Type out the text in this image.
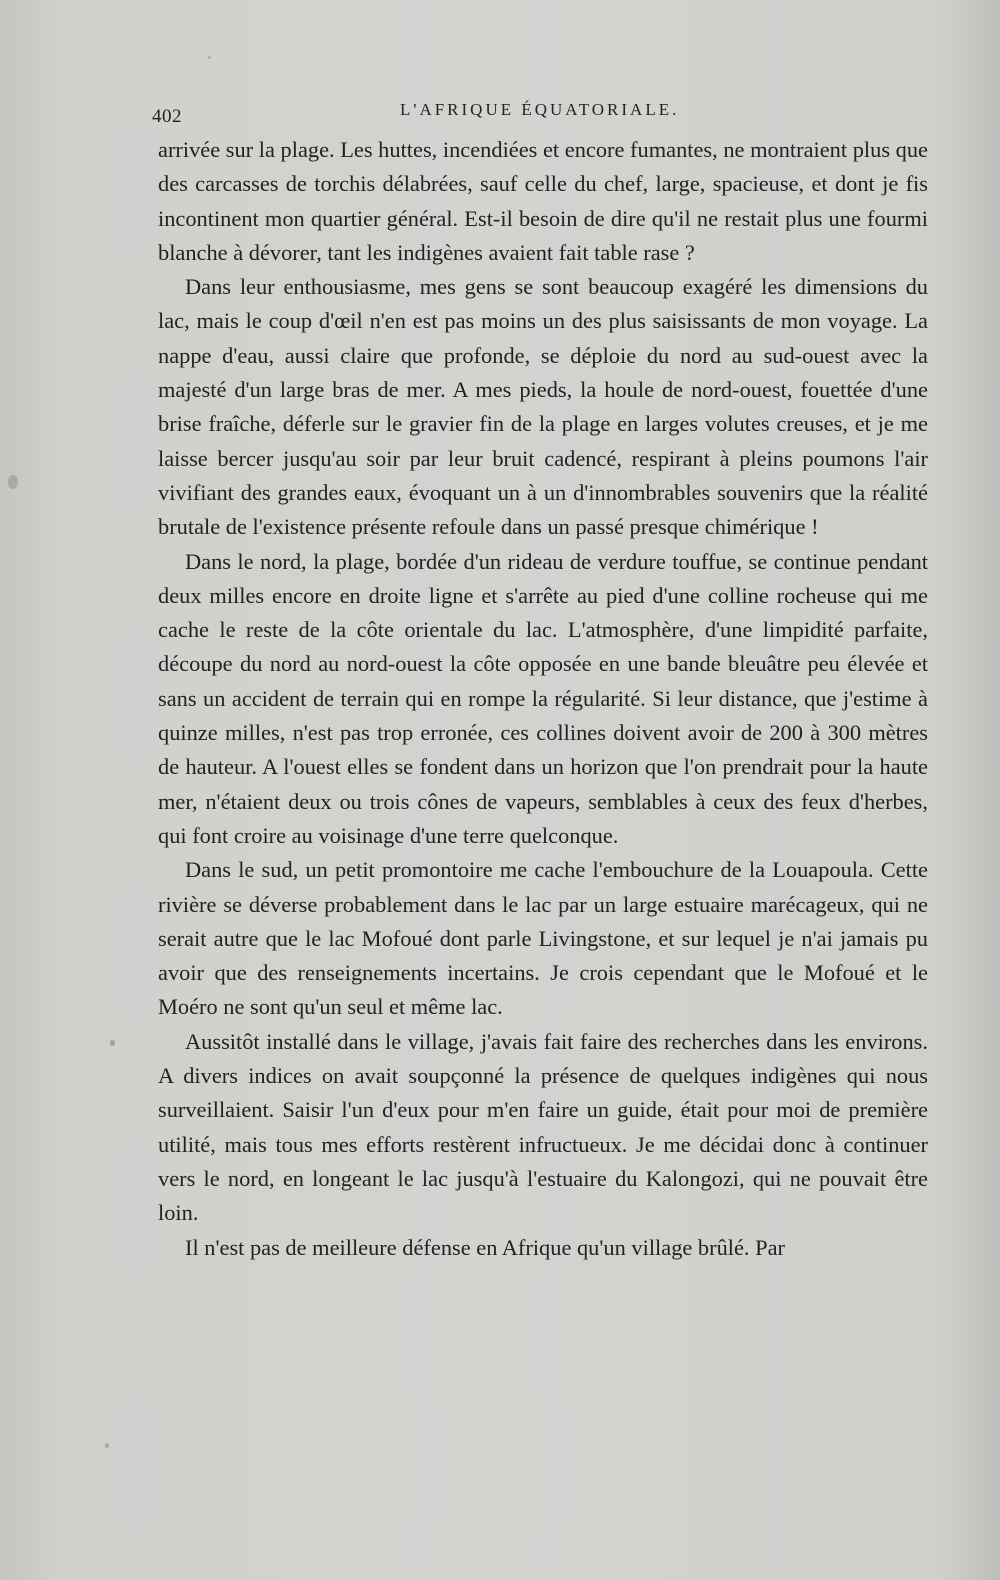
402	L'AFRIQUE ÉQUATORIALE.

arrivée sur la plage. Les huttes, incendiées et encore fumantes, ne montraient plus que des carcasses de torchis délabrées, sauf celle du chef, large, spacieuse, et dont je fis incontinent mon quartier général. Est-il besoin de dire qu'il ne restait plus une fourmi blanche à dévorer, tant les indigènes avaient fait table rase ?

Dans leur enthousiasme, mes gens se sont beaucoup exagéré les dimensions du lac, mais le coup d'œil n'en est pas moins un des plus saisissants de mon voyage. La nappe d'eau, aussi claire que profonde, se déploie du nord au sud-ouest avec la majesté d'un large bras de mer. A mes pieds, la houle de nord-ouest, fouettée d'une brise fraîche, déferle sur le gravier fin de la plage en larges volutes creuses, et je me laisse bercer jusqu'au soir par leur bruit cadencé, respirant à pleins poumons l'air vivifiant des grandes eaux, évoquant un à un d'innombrables souvenirs que la réalité brutale de l'existence présente refoule dans un passé presque chimérique !

Dans le nord, la plage, bordée d'un rideau de verdure touffue, se continue pendant deux milles encore en droite ligne et s'arrête au pied d'une colline rocheuse qui me cache le reste de la côte orientale du lac. L'atmosphère, d'une limpidité parfaite, découpe du nord au nord-ouest la côte opposée en une bande bleuâtre peu élevée et sans un accident de terrain qui en rompe la régularité. Si leur distance, que j'estime à quinze milles, n'est pas trop erronée, ces collines doivent avoir de 200 à 300 mètres de hauteur. A l'ouest elles se fondent dans un horizon que l'on prendrait pour la haute mer, n'étaient deux ou trois cônes de vapeurs, semblables à ceux des feux d'herbes, qui font croire au voisinage d'une terre quelconque.

Dans le sud, un petit promontoire me cache l'embouchure de la Louapoula. Cette rivière se déverse probablement dans le lac par un large estuaire marécageux, qui ne serait autre que le lac Mofoué dont parle Livingstone, et sur lequel je n'ai jamais pu avoir que des renseignements incertains. Je crois cependant que le Mofoué et le Moéro ne sont qu'un seul et même lac.

Aussitôt installé dans le village, j'avais fait faire des recherches dans les environs. A divers indices on avait soupçonné la présence de quelques indigènes qui nous surveillaient. Saisir l'un d'eux pour m'en faire un guide, était pour moi de première utilité, mais tous mes efforts restèrent infructueux. Je me décidai donc à continuer vers le nord, en longeant le lac jusqu'à l'estuaire du Kalongozi, qui ne pouvait être loin.

Il n'est pas de meilleure défense en Afrique qu'un village brûlé. Par
